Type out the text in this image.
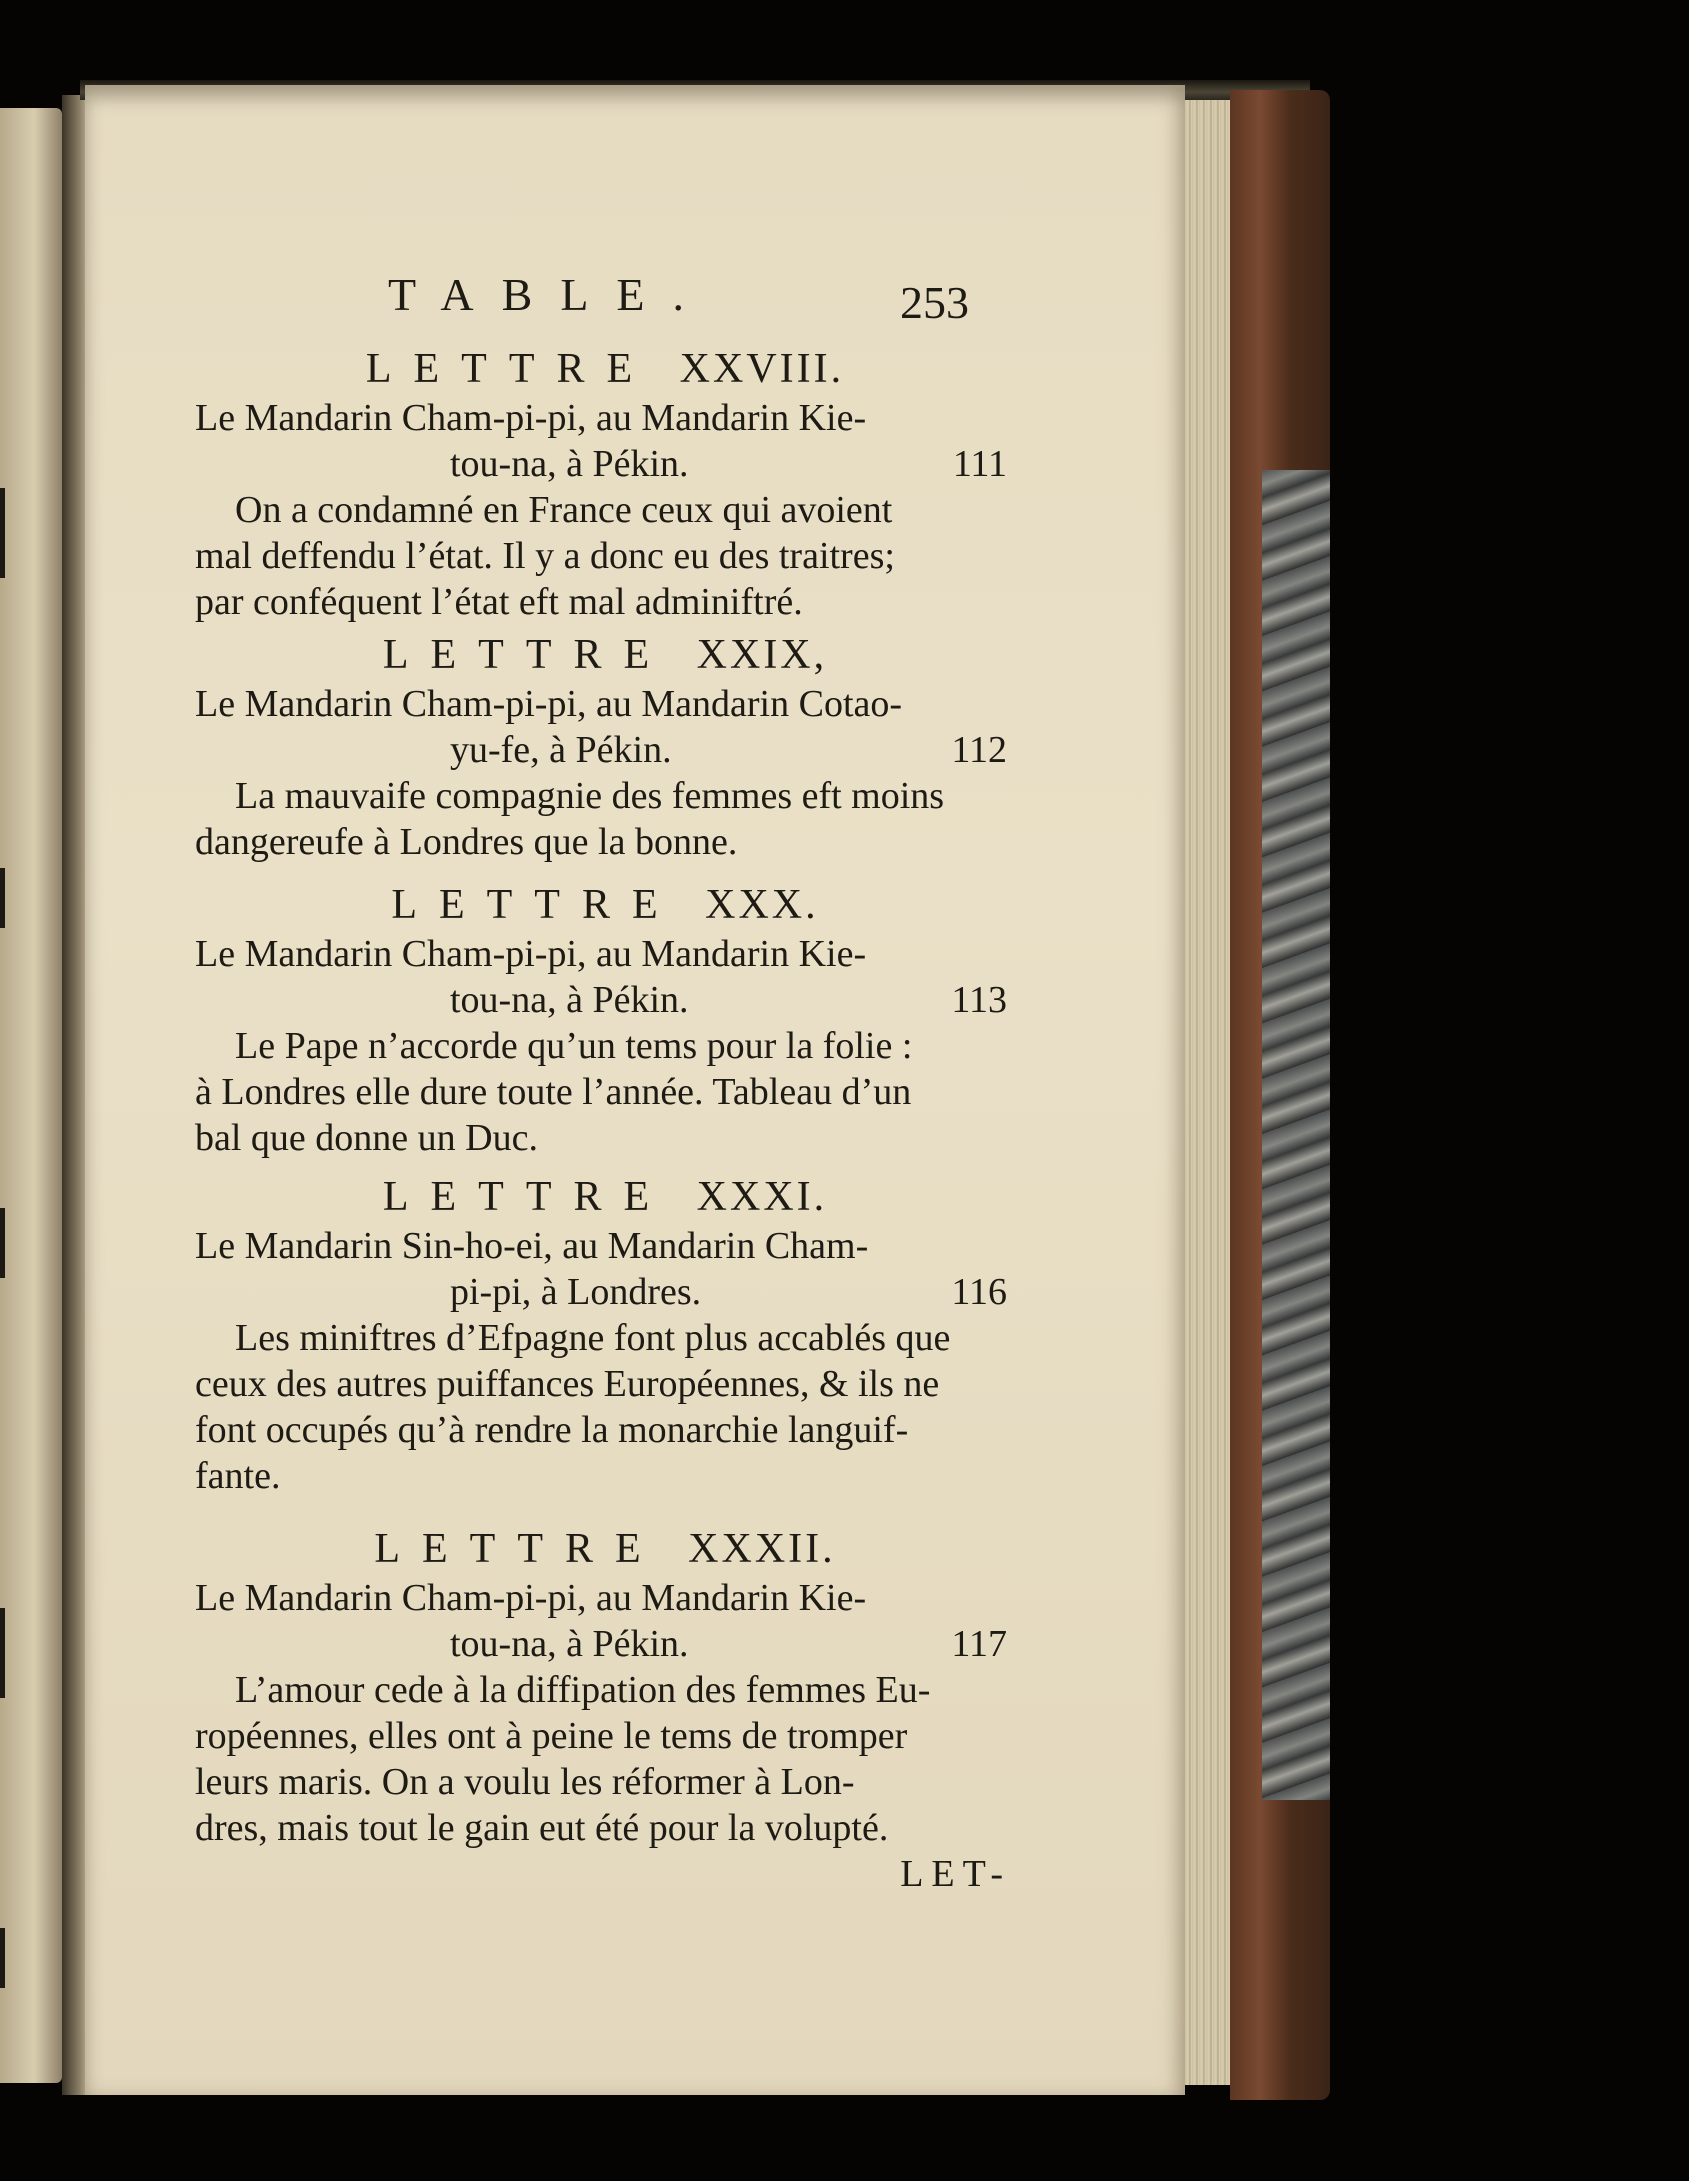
TABLE.	253
LETTRE XXVIII.
Le Mandarin Cham-pi-pi, au Mandarin Kie-
tou-na, à Pékin.	111
On a condamné en France ceux qui avoient
mal deffendu l’état. Il y a donc eu des traitres;
par conféquent l’état eft mal adminiftré.
LETTRE XXIX,
Le Mandarin Cham-pi-pi, au Mandarin Cotao-
yu-fe, à Pékin.	112
La mauvaife compagnie des femmes eft moins
dangereufe à Londres que la bonne.
LETTRE XXX.
Le Mandarin Cham-pi-pi, au Mandarin Kie-
tou-na, à Pékin.	113
Le Pape n’accorde qu’un tems pour la folie :
à Londres elle dure toute l’année. Tableau d’un
bal que donne un Duc.
LETTRE XXXI.
Le Mandarin Sin-ho-ei, au Mandarin Cham-
pi-pi, à Londres.	116
Les miniftres d’Efpagne font plus accablés que
ceux des autres puiffances Européennes, & ils ne
font occupés qu’à rendre la monarchie languif-
fante.
LETTRE XXXII.
Le Mandarin Cham-pi-pi, au Mandarin Kie-
tou-na, à Pékin.	117
L’amour cede à la diffipation des femmes Eu-
ropéennes, elles ont à peine le tems de tromper
leurs maris. On a voulu les réformer à Lon-
dres, mais tout le gain eut été pour la volupté.
LET-
